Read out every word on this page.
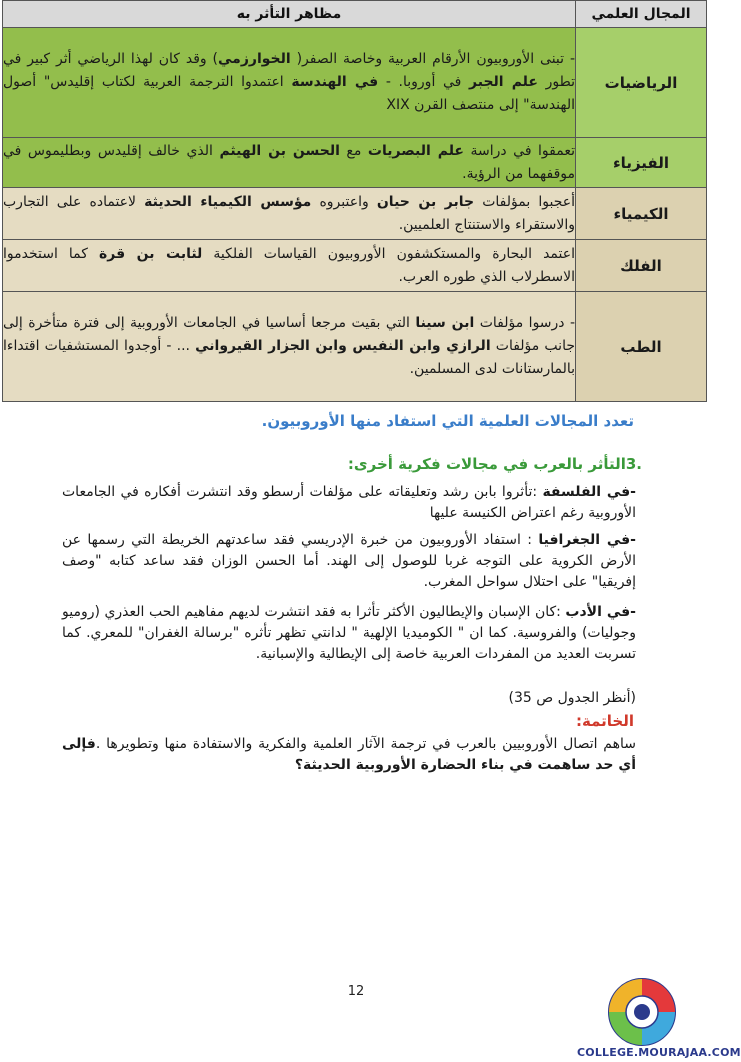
المجال العلمي	مظاهر التأثر به
الرياضيات	- تبنى الأوروبيون الأرقام العربية وخاصة الصفر( الخوارزمي) وقد كان لهذا الرياضي أثر كبير في تطور علم الجبر في أوروبا. - في الهندسة اعتمدوا الترجمة العربية لكتاب إقليدس" أصول الهندسة" إلى منتصف القرن XIX
الفيزياء	تعمقوا في دراسة علم البصريات مع الحسن بن الهيثم الذي خالف إقليدس وبطليموس في موقفهما من الرؤية.
الكيمياء	أعجبوا بمؤلفات جابر بن حيان واعتبروه مؤسس الكيمياء الحديثة لاعتماده على التجارب والاستقراء والاستنتاج العلميين.
الفلك	اعتمد البحارة والمستكشفون الأوروبيون القياسات الفلكية لثابت بن قرة كما استخدموا الاسطرلاب الذي طوره العرب.
الطب	- درسوا مؤلفات ابن سينا التي بقيت مرجعا أساسيا في الجامعات الأوروبية إلى فترة متأخرة إلى جانب مؤلفات الرازي وابن النفيس وابن الجزار القيرواني ... - أوجدوا المستشفيات اقتداءا بالمارستانات لدى المسلمين.
تعدد المجالات العلمية التي استفاد منها الأوروبيون.
.3التأثر بالعرب في مجالات فكرية أخرى:
-في الفلسفة :تأثروا بابن رشد وتعليقاته على مؤلفات أرسطو وقد انتشرت أفكاره في الجامعات الأوروبية رغم اعتراض الكنيسة عليها
-في الجغرافيا : استفاد الأوروبيون من خبرة الإدريسي فقد ساعدتهم الخريطة التي رسمها عن الأرض الكروية على التوجه غربا للوصول إلى الهند. أما الحسن الوزان فقد ساعد كتابه "وصف إفريقيا" على احتلال سواحل المغرب.
-في الأدب :كان الإسبان والإيطاليون الأكثر تأثرا به فقد انتشرت لديهم مفاهيم الحب العذري (روميو وجوليات) والفروسية. كما ان " الكوميديا الإلهية " لدانتي تظهر تأثره "برسالة الغفران" للمعري. كما تسربت العديد من المفردات العربية خاصة إلى الإيطالية والإسبانية.
(أنظر الجدول ص 35)
الخاتمة:
ساهم اتصال الأوروبيين بالعرب في ترجمة الآثار العلمية والفكرية والاستفادة منها وتطويرها .فإلى أي حد ساهمت في بناء الحضارة الأوروبية الحديثة؟
12
COLLEGE.MOURAJAA.COM
